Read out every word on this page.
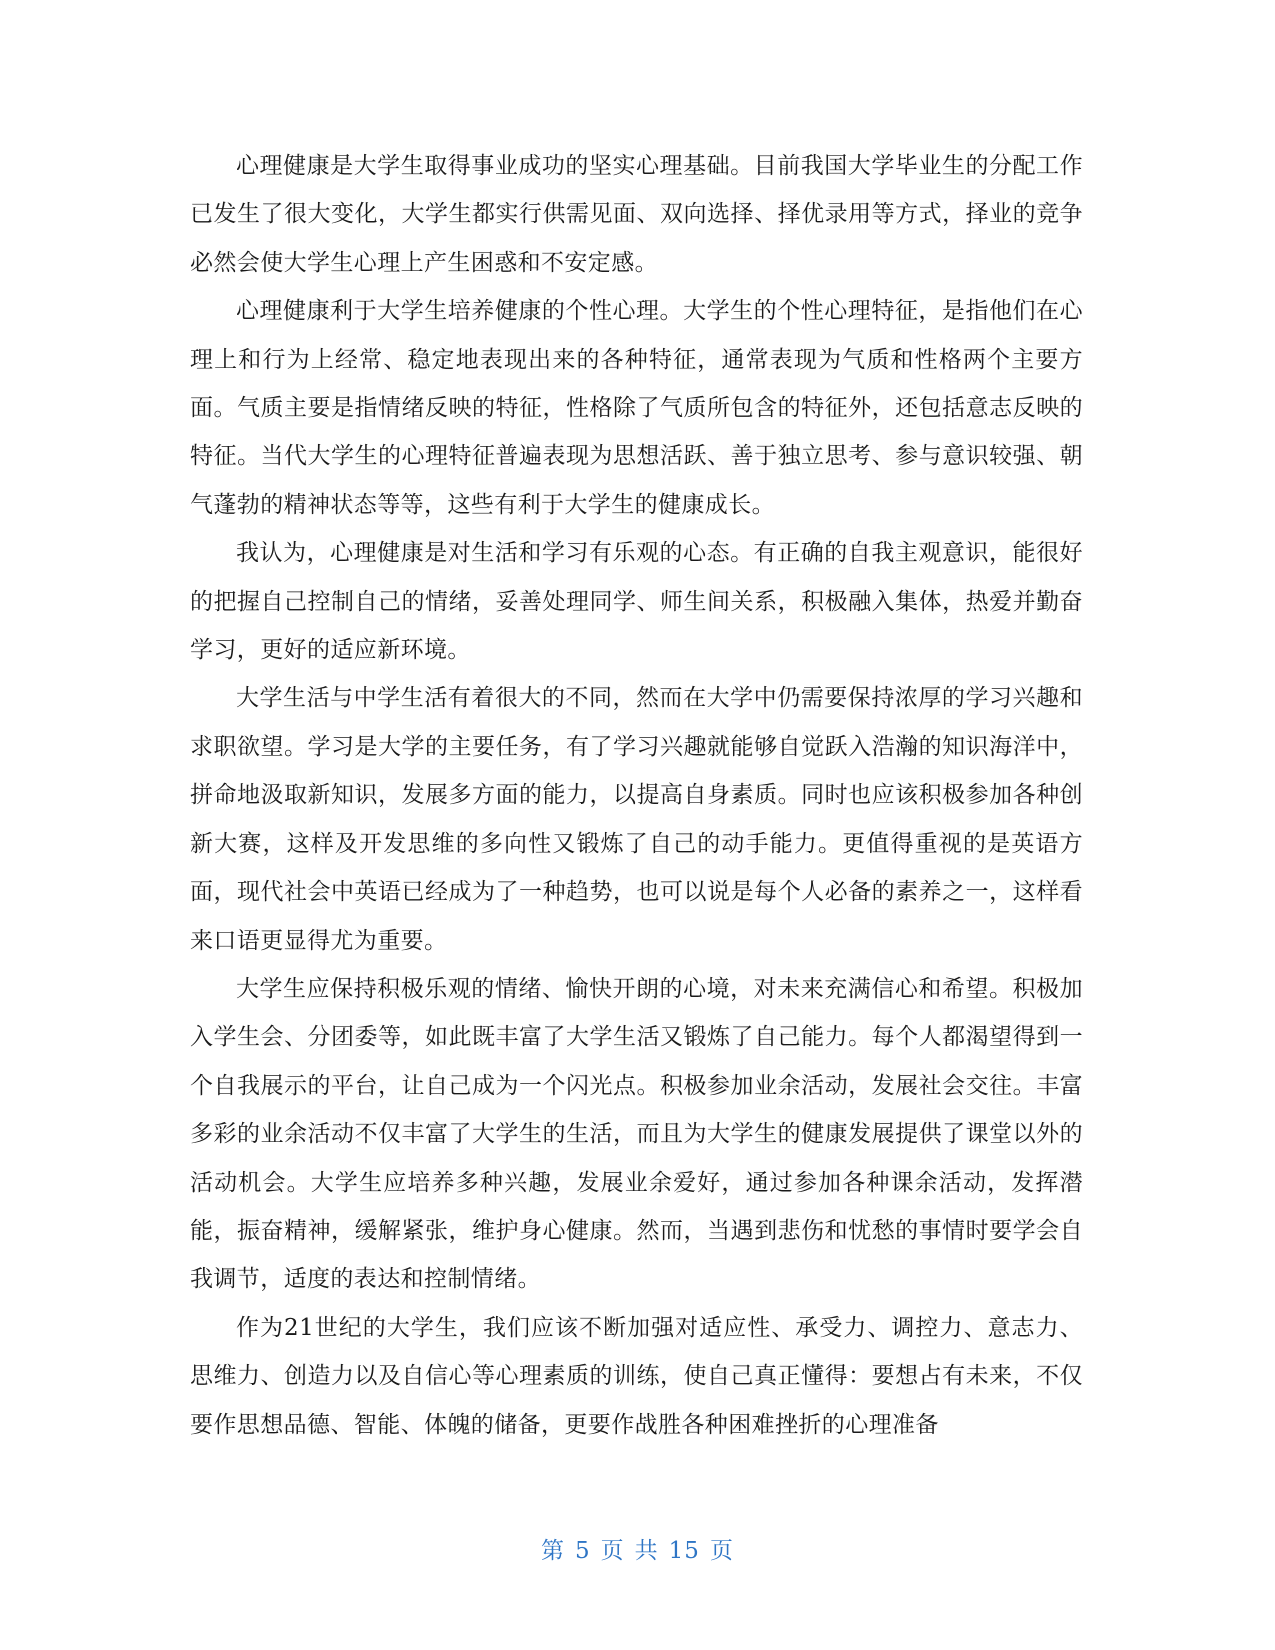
心理健康是大学生取得事业成功的坚实心理基础。目前我国大学毕业生的分配工作已发生了很大变化，大学生都实行供需见面、双向选择、择优录用等方式，择业的竞争必然会使大学生心理上产生困惑和不安定感。

心理健康利于大学生培养健康的个性心理。大学生的个性心理特征，是指他们在心理上和行为上经常、稳定地表现出来的各种特征，通常表现为气质和性格两个主要方面。气质主要是指情绪反映的特征，性格除了气质所包含的特征外，还包括意志反映的特征。当代大学生的心理特征普遍表现为思想活跃、善于独立思考、参与意识较强、朝气蓬勃的精神状态等等，这些有利于大学生的健康成长。

我认为，心理健康是对生活和学习有乐观的心态。有正确的自我主观意识，能很好的把握自己控制自己的情绪，妥善处理同学、师生间关系，积极融入集体，热爱并勤奋学习，更好的适应新环境。

大学生活与中学生活有着很大的不同，然而在大学中仍需要保持浓厚的学习兴趣和求职欲望。学习是大学的主要任务，有了学习兴趣就能够自觉跃入浩瀚的知识海洋中，拼命地汲取新知识，发展多方面的能力，以提高自身素质。同时也应该积极参加各种创新大赛，这样及开发思维的多向性又锻炼了自己的动手能力。更值得重视的是英语方面，现代社会中英语已经成为了一种趋势，也可以说是每个人必备的素养之一，这样看来口语更显得尤为重要。

大学生应保持积极乐观的情绪、愉快开朗的心境，对未来充满信心和希望。积极加入学生会、分团委等，如此既丰富了大学生活又锻炼了自己能力。每个人都渴望得到一个自我展示的平台，让自己成为一个闪光点。积极参加业余活动，发展社会交往。丰富多彩的业余活动不仅丰富了大学生的生活，而且为大学生的健康发展提供了课堂以外的活动机会。大学生应培养多种兴趣，发展业余爱好，通过参加各种课余活动，发挥潜能，振奋精神，缓解紧张，维护身心健康。然而，当遇到悲伤和忧愁的事情时要学会自我调节，适度的表达和控制情绪。

作为21世纪的大学生，我们应该不断加强对适应性、承受力、调控力、意志力、思维力、创造力以及自信心等心理素质的训练，使自己真正懂得：要想占有未来，不仅要作思想品德、智能、体魄的储备，更要作战胜各种困难挫折的心理准备

第 5 页 共 15 页
